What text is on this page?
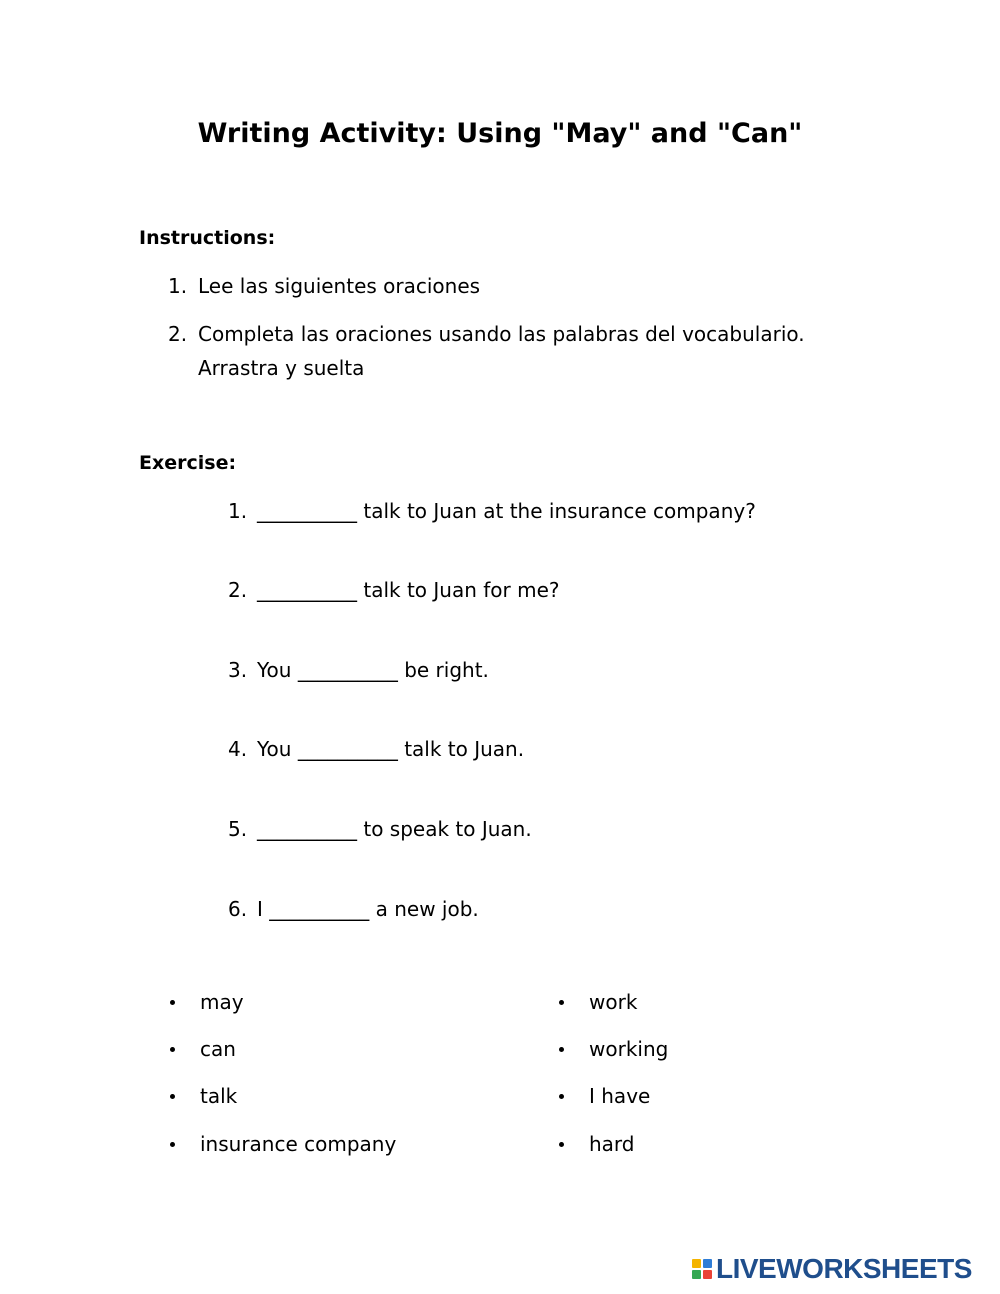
Writing Activity: Using "May" and "Can"
Instructions:
1. Lee las siguientes oraciones
2. Completa las oraciones usando las palabras del vocabulario. Arrastra y suelta
Exercise:
1. __________ talk to Juan at the insurance company?
2. __________ talk to Juan for me?
3. You __________ be right.
4. You __________ talk to Juan.
5. __________ to speak to Juan.
6. I __________ a new job.
may
can
talk
insurance company
work
working
I have
hard
LIVEWORKSHEETS
